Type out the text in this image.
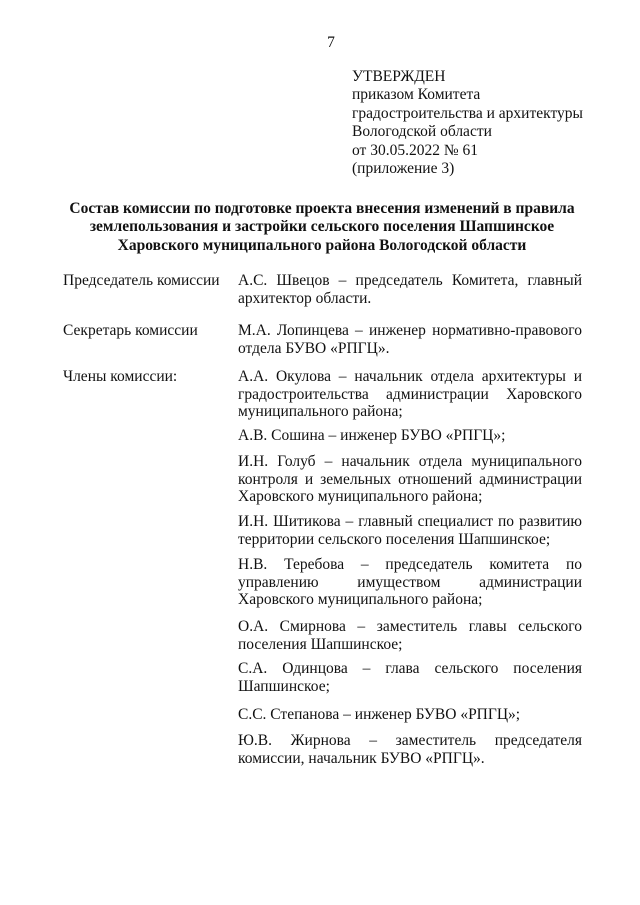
7
УТВЕРЖДЕН
приказом Комитета
градостроительства и архитектуры
Вологодской области
от 30.05.2022 № 61
(приложение 3)
Состав комиссии по подготовке проекта внесения изменений в правила
землепользования и застройки сельского поселения Шапшинское
Харовского муниципального района Вологодской области
Председатель комиссии А.С. Швецов – председатель Комитета, главный архитектор области.
Секретарь комиссии	М.А. Лопинцева – инженер нормативно-правового отдела БУВО «РПГЦ».
Члены комиссии:	А.А. Окулова – начальник отдела архитектуры и градостроительства администрации Харовского муниципального района;
А.В. Сошина – инженер БУВО «РПГЦ»;
И.Н. Голуб – начальник отдела муниципального контроля и земельных отношений администрации Харовского муниципального района;
И.Н. Шитикова – главный специалист по развитию территории сельского поселения Шапшинское;
Н.В. Теребова – председатель комитета по управлению имуществом администрации Харовского муниципального района;
О.А. Смирнова – заместитель главы сельского поселения Шапшинское;
С.А. Одинцова – глава сельского поселения Шапшинское;
С.С. Степанова – инженер БУВО «РПГЦ»;
Ю.В. Жирнова – заместитель председателя комиссии, начальник БУВО «РПГЦ».
